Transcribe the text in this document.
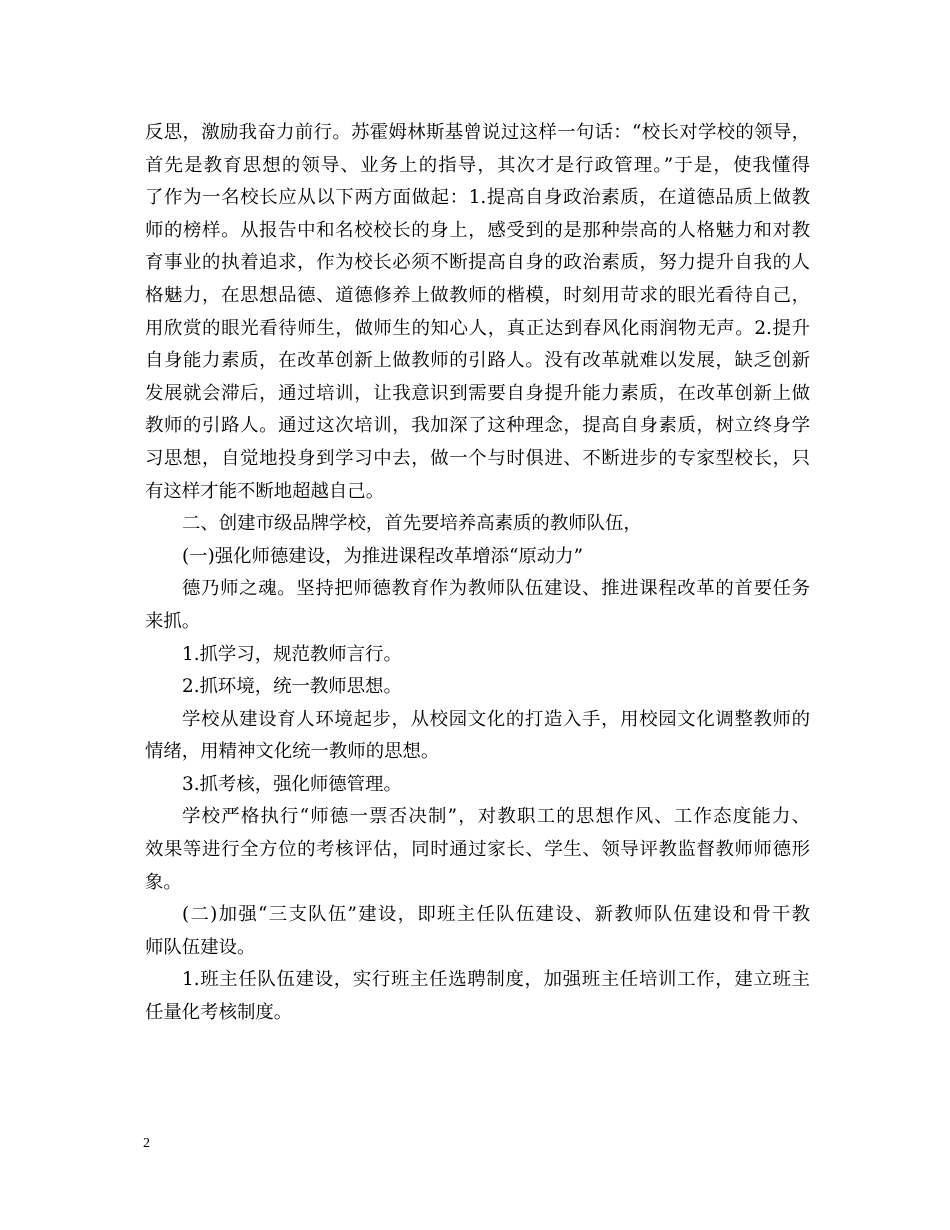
反思，激励我奋力前行。苏霍姆林斯基曾说过这样一句话：“校长对学校的领导，
首先是教育思想的领导、业务上的指导，其次才是行政管理。”于是，使我懂得
了作为一名校长应从以下两方面做起：1.提高自身政治素质，在道德品质上做教
师的榜样。从报告中和名校校长的身上，感受到的是那种崇高的人格魅力和对教
育事业的执着追求，作为校长必须不断提高自身的政治素质，努力提升自我的人
格魅力，在思想品德、道德修养上做教师的楷模，时刻用苛求的眼光看待自己，
用欣赏的眼光看待师生，做师生的知心人，真正达到春风化雨润物无声。2.提升
自身能力素质，在改革创新上做教师的引路人。没有改革就难以发展，缺乏创新
发展就会滞后，通过培训，让我意识到需要自身提升能力素质，在改革创新上做
教师的引路人。通过这次培训，我加深了这种理念，提高自身素质，树立终身学
习思想，自觉地投身到学习中去，做一个与时俱进、不断进步的专家型校长，只
有这样才能不断地超越自己。
二、创建市级品牌学校，首先要培养高素质的教师队伍，
(一)强化师德建设，为推进课程改革增添“原动力”
德乃师之魂。坚持把师德教育作为教师队伍建设、推进课程改革的首要任务
来抓。
1.抓学习，规范教师言行。
2.抓环境，统一教师思想。
学校从建设育人环境起步，从校园文化的打造入手，用校园文化调整教师的
情绪，用精神文化统一教师的思想。
3.抓考核，强化师德管理。
学校严格执行“师德一票否决制”，对教职工的思想作风、工作态度能力、
效果等进行全方位的考核评估，同时通过家长、学生、领导评教监督教师师德形
象。
(二)加强“三支队伍”建设，即班主任队伍建设、新教师队伍建设和骨干教
师队伍建设。
1.班主任队伍建设，实行班主任选聘制度，加强班主任培训工作，建立班主
任量化考核制度。
2
